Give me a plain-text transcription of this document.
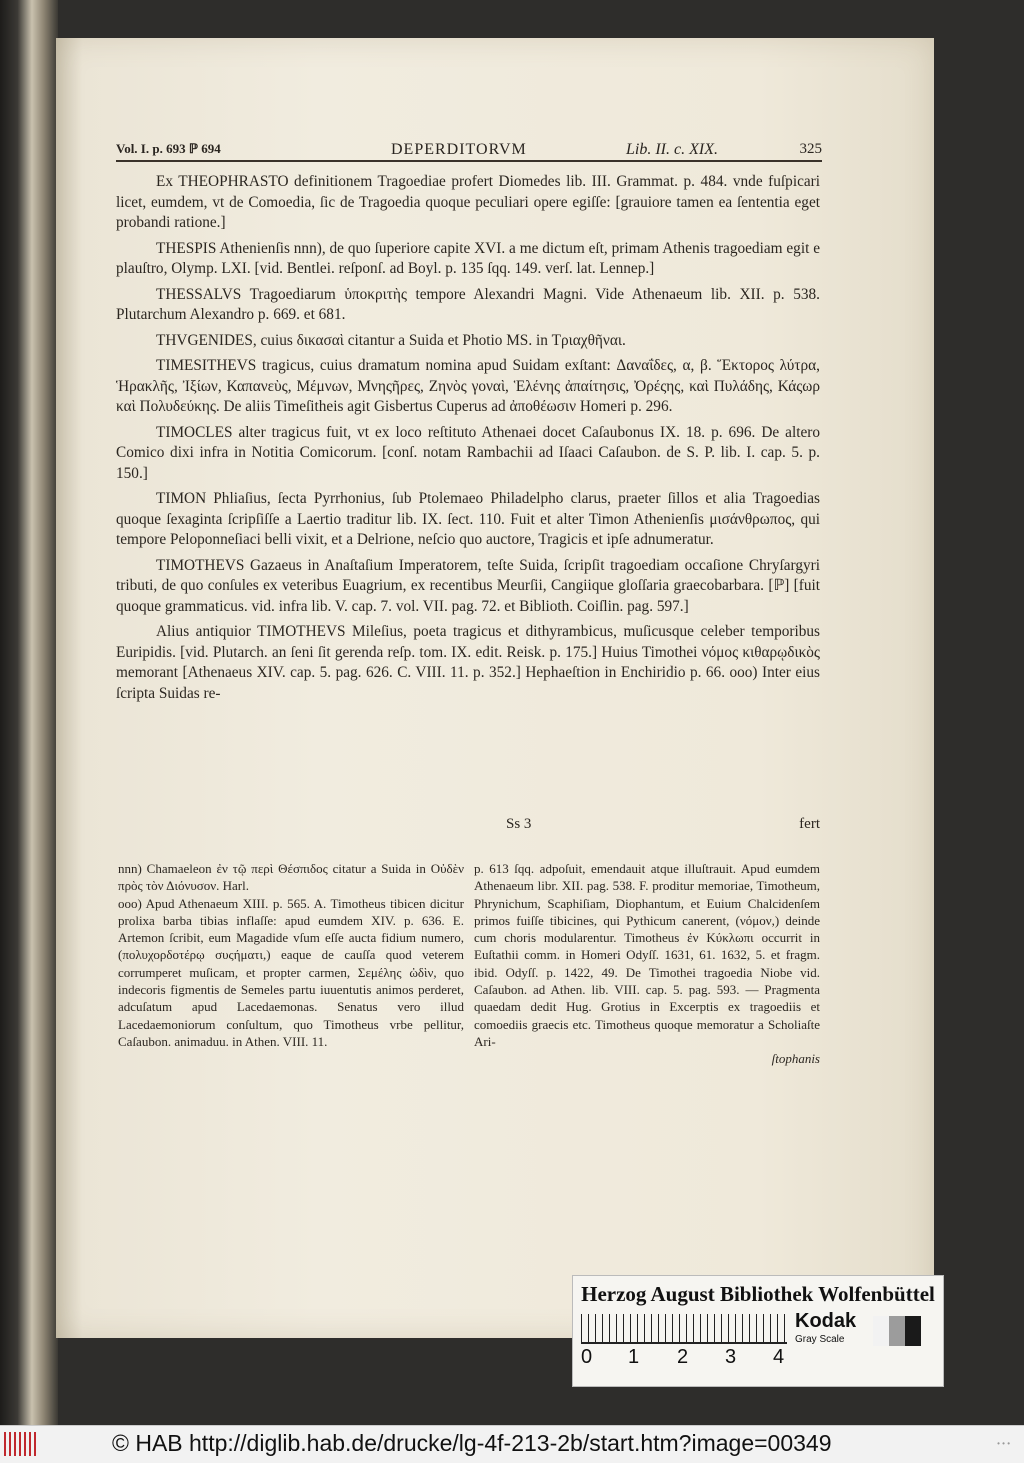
Vol. I. p. 693 ℙ 694	DEPERDITORVM	Lib. II. c. XIX.	325

Ex THEOPHRASTO definitionem Tragoediae profert Diomedes lib. III. Grammat. p. 484. vnde fuſpicari licet, eumdem, vt de Comoedia, ſic de Tragoedia quoque peculiari opere egiſſe: [grauiore tamen ea ſententia eget probandi ratione.]

THESPIS Athenienſis nnn), de quo ſuperiore capite XVI. a me dictum eſt, primam Athenis tragoediam egit e plauſtro, Olymp. LXI. [vid. Bentlei. reſponſ. ad Boyl. p. 135 ſqq. 149. verſ. lat. Lennep.]

THESSALVS Tragoediarum ὑποκριτὴς tempore Alexandri Magni. Vide Athenaeum lib. XII. p. 538. Plutarchum Alexandro p. 669. et 681.

THVGENIDES, cuius δικασαὶ citantur a Suida et Photio MS. in Τριαχθῆναι.

TIMESITHEVS tragicus, cuius dramatum nomina apud Suidam exſtant: Δαναΐδες, α, β. Ἕκτορος λύτρα, Ἡρακλῆς, Ἰξίων, Καπανεὺς, Μέμνων, Μνηςῆρες, Ζηνὸς γοναὶ, Ἑλένης ἀπαίτησις, Ὀρέςης, καὶ Πυλάδης, Κάςωρ καὶ Πολυδεύκης. De aliis Timeſitheis agit Gisbertus Cuperus ad ἀποθέωσιν Homeri p. 296.

TIMOCLES alter tragicus fuit, vt ex loco reſtituto Athenaei docet Caſaubonus IX. 18. p. 696. De altero Comico dixi infra in Notitia Comicorum. [conſ. notam Rambachii ad Iſaaci Caſaubon. de S. P. lib. I. cap. 5. p. 150.]

TIMON Phliaſius, ſecta Pyrrhonius, ſub Ptolemaeo Philadelpho clarus, praeter ſillos et alia Tragoedias quoque ſexaginta ſcripſiſſe a Laertio traditur lib. IX. ſect. 110. Fuit et alter Timon Athenienſis μισάνθρωπος, qui tempore Peloponneſiaci belli vixit, et a Delrione, neſcio quo auctore, Tragicis et ipſe adnumeratur.

TIMOTHEVS Gazaeus in Anaſtaſium Imperatorem, teſte Suida, ſcripſit tragoediam occaſione Chryſargyri tributi, de quo conſules ex veteribus Euagrium, ex recentibus Meurſii, Cangiique gloſſaria graecobarbara. [ℙ] [fuit quoque grammaticus. vid. infra lib. V. cap. 7. vol. VII. pag. 72. et Biblioth. Coiſlin. pag. 597.]

Alius antiquior TIMOTHEVS Mileſius, poeta tragicus et dithyrambicus, muſicusque celeber temporibus Euripidis. [vid. Plutarch. an ſeni ſit gerenda reſp. tom. IX. edit. Reisk. p. 175.] Huius Timothei νόμος κιθαρῳδικὸς memorant [Athenaeus XIV. cap. 5. pag. 626. C. VIII. 11. p. 352.] Hephaeſtion in Enchiridio p. 66. ooo) Inter eius ſcripta Suidas re-

Ss 3	fert

nnn) Chamaeleon ἐν τῷ περὶ Θέσπιδος citatur a Suida in Οὐδὲν πρὸς τὸν Διόνυσον. Harl.

ooo) Apud Athenaeum XIII. p. 565. A. Timotheus tibicen dicitur prolixa barba tibias inflaſſe: apud eumdem XIV. p. 636. E. Artemon ſcribit, eum Magadide vſum eſſe aucta fidium numero, (πολυχορδοτέρῳ συςήματι,) eaque de cauſſa quod veterem corrumperet muſicam, et propter carmen, Σεμέλης ὠδὶν, quo indecoris figmentis de Semeles partu iuuentutis animos perderet, adcuſatum apud Lacedaemonas. Senatus vero illud Lacedaemoniorum conſultum, quo Timotheus vrbe pellitur, Caſaubon. animaduu. in Athen. VIII. 11.

p. 613 ſqq. adpoſuit, emendauit atque illuſtrauit. Apud eumdem Athenaeum libr. XII. pag. 538. F. proditur memoriae, Timotheum, Phrynichum, Scaphiſiam, Diophantum, et Euium Chalcidenſem primos fuiſſe tibicines, qui Pythicum canerent, (νόμον,) deinde cum choris modularentur. Timotheus ἐν Κύκλωπι occurrit in Euſtathii comm. in Homeri Odyſſ. 1631, 61. 1632, 5. et fragm. ibid. Odyſſ. p. 1422, 49. De Timothei tragoedia Niobe vid. Caſaubon. ad Athen. lib. VIII. cap. 5. pag. 593. — Pragmenta quaedam dedit Hug. Grotius in Excerptis ex tragoediis et comoediis graecis etc. Timotheus quoque memoratur a Scholiaſte Ari-

ſtophanis

Herzog August Bibliothek Wolfenbüttel
0 1 2 3 4
Kodak
Gray Scale
© HAB http://diglib.hab.de/drucke/lg-4f-213-2b/start.htm?image=00349	• • •
